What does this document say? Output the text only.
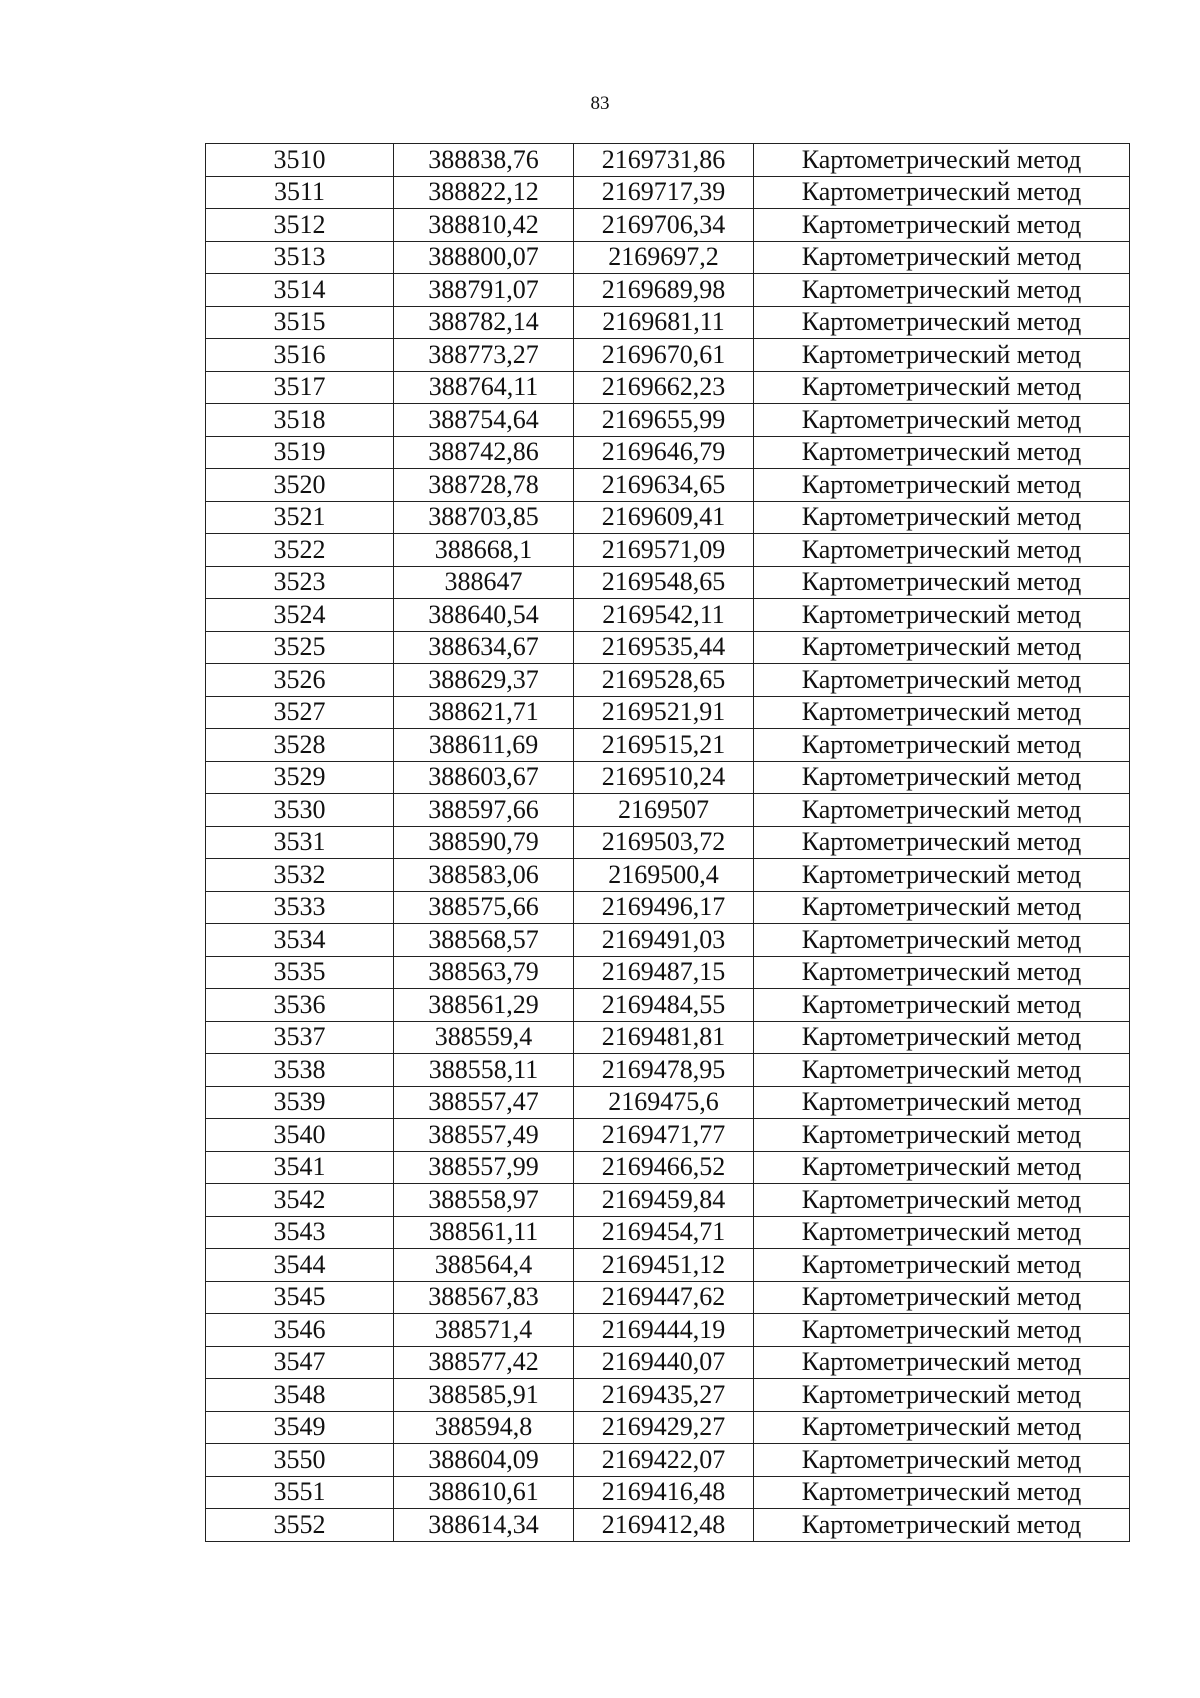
83
3510	388838,76	2169731,86	Картометрический метод
3511	388822,12	2169717,39	Картометрический метод
3512	388810,42	2169706,34	Картометрический метод
3513	388800,07	2169697,2	Картометрический метод
3514	388791,07	2169689,98	Картометрический метод
3515	388782,14	2169681,11	Картометрический метод
3516	388773,27	2169670,61	Картометрический метод
3517	388764,11	2169662,23	Картометрический метод
3518	388754,64	2169655,99	Картометрический метод
3519	388742,86	2169646,79	Картометрический метод
3520	388728,78	2169634,65	Картометрический метод
3521	388703,85	2169609,41	Картометрический метод
3522	388668,1	2169571,09	Картометрический метод
3523	388647	2169548,65	Картометрический метод
3524	388640,54	2169542,11	Картометрический метод
3525	388634,67	2169535,44	Картометрический метод
3526	388629,37	2169528,65	Картометрический метод
3527	388621,71	2169521,91	Картометрический метод
3528	388611,69	2169515,21	Картометрический метод
3529	388603,67	2169510,24	Картометрический метод
3530	388597,66	2169507	Картометрический метод
3531	388590,79	2169503,72	Картометрический метод
3532	388583,06	2169500,4	Картометрический метод
3533	388575,66	2169496,17	Картометрический метод
3534	388568,57	2169491,03	Картометрический метод
3535	388563,79	2169487,15	Картометрический метод
3536	388561,29	2169484,55	Картометрический метод
3537	388559,4	2169481,81	Картометрический метод
3538	388558,11	2169478,95	Картометрический метод
3539	388557,47	2169475,6	Картометрический метод
3540	388557,49	2169471,77	Картометрический метод
3541	388557,99	2169466,52	Картометрический метод
3542	388558,97	2169459,84	Картометрический метод
3543	388561,11	2169454,71	Картометрический метод
3544	388564,4	2169451,12	Картометрический метод
3545	388567,83	2169447,62	Картометрический метод
3546	388571,4	2169444,19	Картометрический метод
3547	388577,42	2169440,07	Картометрический метод
3548	388585,91	2169435,27	Картометрический метод
3549	388594,8	2169429,27	Картометрический метод
3550	388604,09	2169422,07	Картометрический метод
3551	388610,61	2169416,48	Картометрический метод
3552	388614,34	2169412,48	Картометрический метод
